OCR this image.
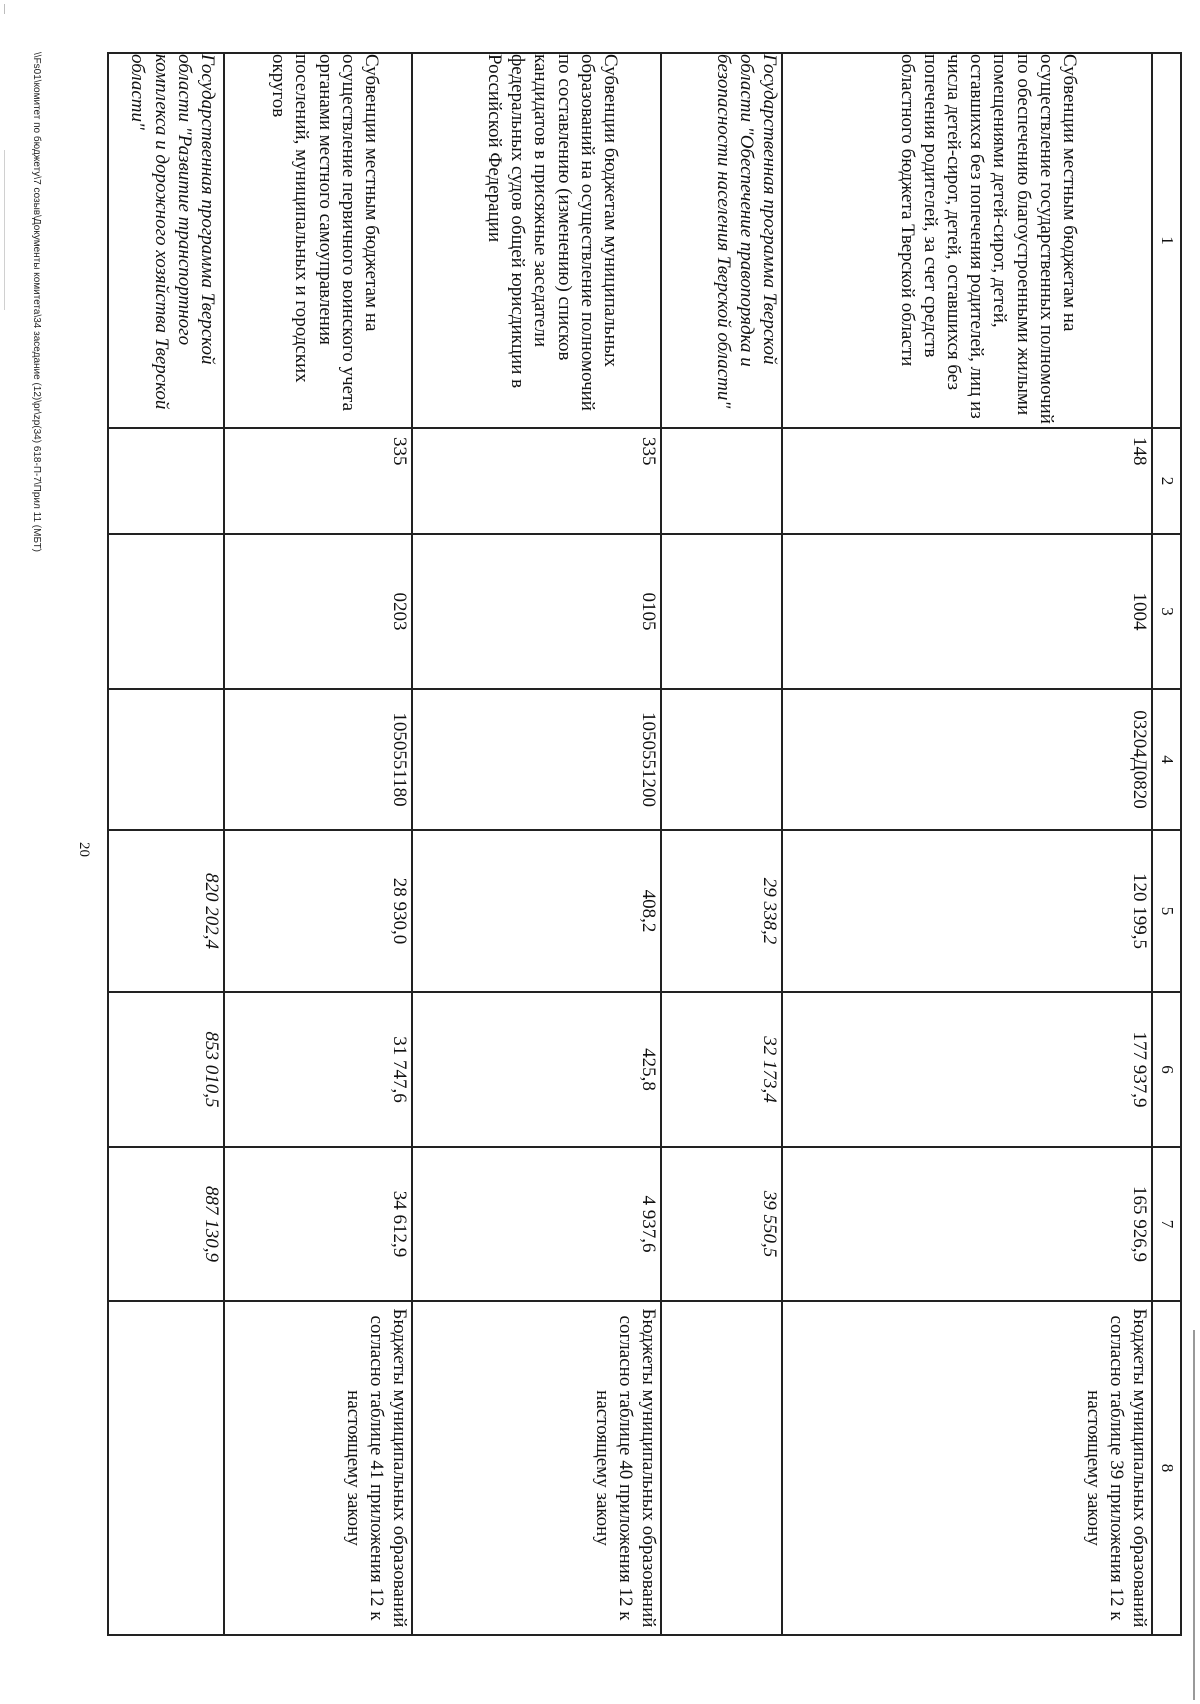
1	2	3	4	5	6	7	8
Субвенции местным бюджетам на осуществление государственных полномочий по обеспечению благоустроенными жилыми помещениями детей-сирот, детей, оставшихся без попечения родителей, лиц из числа детей-сирот, детей, оставшихся без попечения родителей, за счет средств областного бюджета Тверской области	148	1004	03204Д0820	120 199,5	177 937,9	165 926,9	Бюджеты муниципальных образований согласно таблице 39 приложения 12 к настоящему закону
Государственная программа Тверской области "Обеспечение правопорядка и безопасности населения Тверской области"				29 338,2	32 173,4	39 550,5	
Субвенции бюджетам муниципальных образований на осуществление полномочий по составлению (изменению) списков кандидатов в присяжные заседатели федеральных судов общей юрисдикции в Российской Федерации	335	0105	1050551200	408,2	425,8	4 937,6	Бюджеты муниципальных образований согласно таблице 40 приложения 12 к настоящему закону
Субвенции местным бюджетам на осуществление первичного воинского учета органами местного самоуправления поселений, муниципальных и городских округов	335	0203	1050551180	28 930,0	31 747,6	34 612,9	Бюджеты муниципальных образований согласно таблице 41 приложения 12 к настоящему закону
Государственная программа Тверской области "Развитие транспортного комплекса и дорожного хозяйства Тверской области"				820 202,4	853 010,5	887 130,9	
20
\\Fs01\комитет по бюджету\7 созыв\Документы комитета\34 заседание (12)\pr\zp(34) 618-П-7\Прил 11 (МБТ)
